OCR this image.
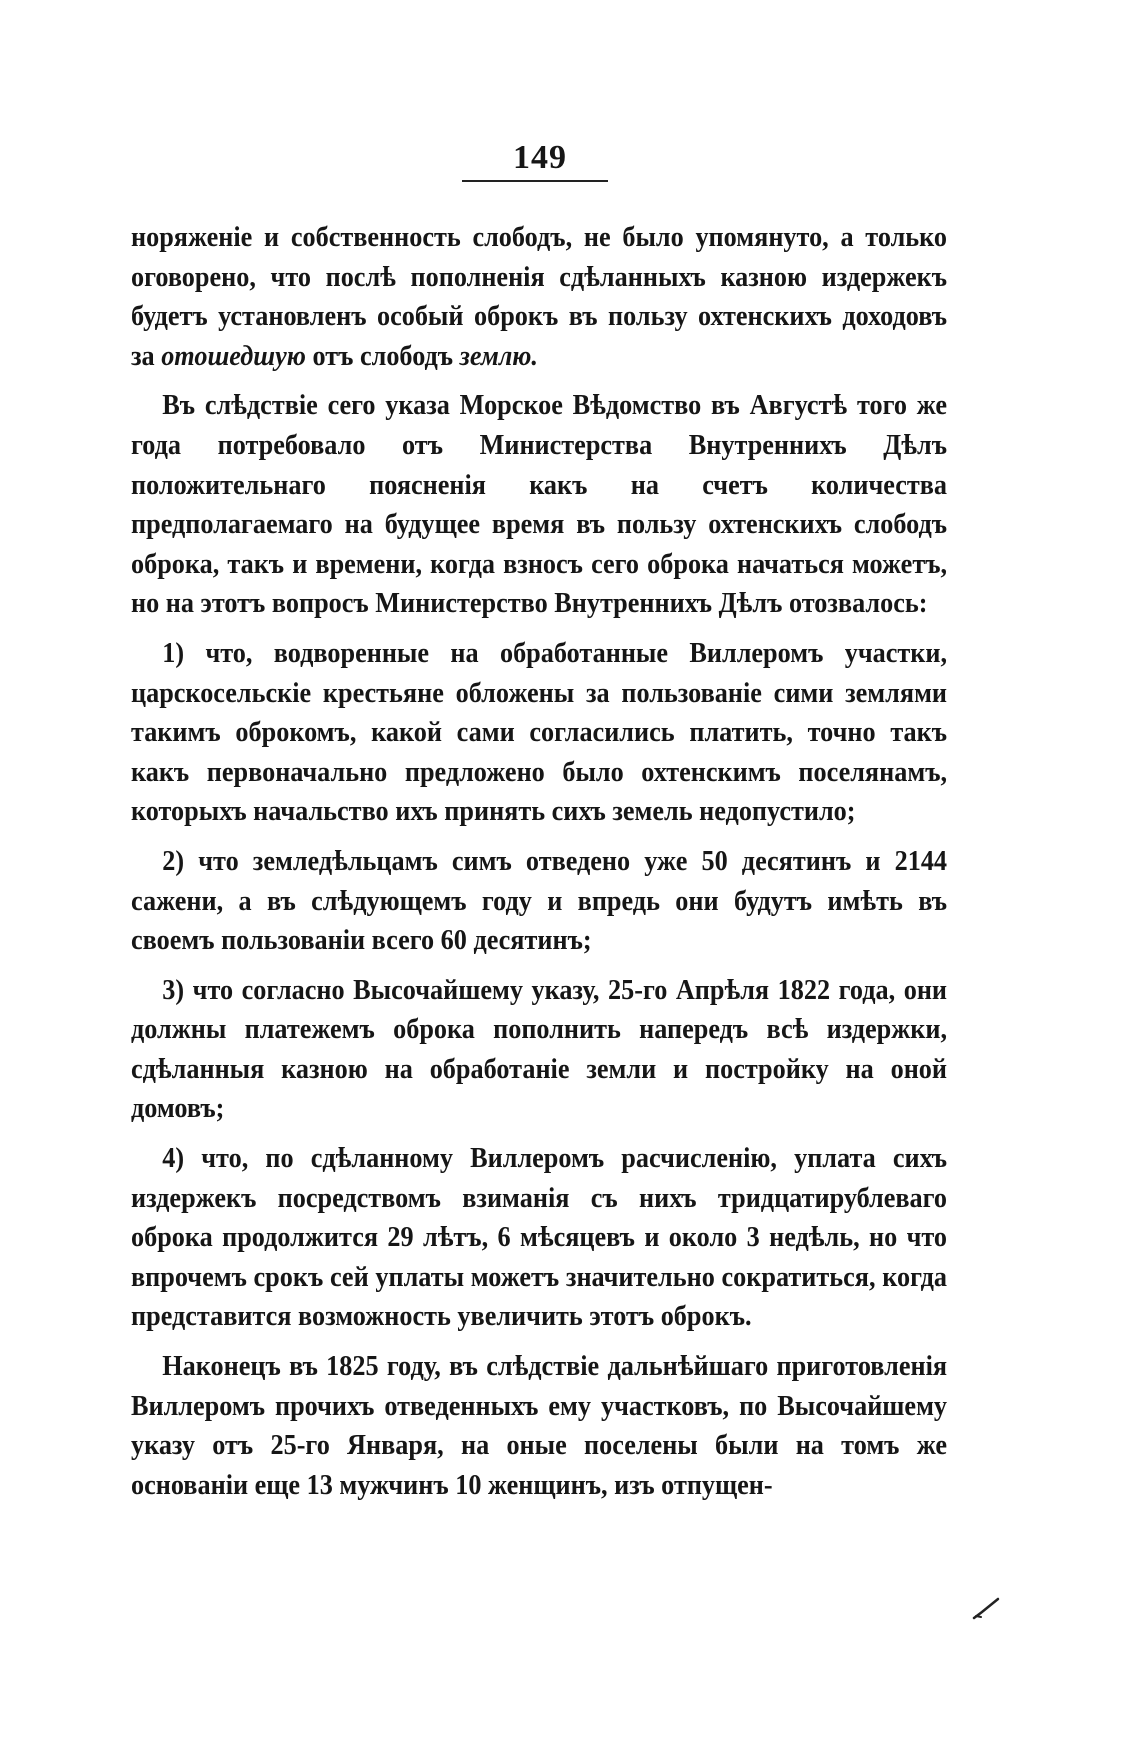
149

норяженіе и собственность слободъ, не было упомянуто, а только оговорено, что послѣ пополненія сдѣланныхъ казною издержекъ будетъ установленъ особый оброкъ въ пользу охтенскихъ доходовъ за отошедшую отъ слободъ землю.

Въ слѣдствіе сего указа Морское Вѣдомство въ Августѣ того же года потребовало отъ Министерства Внутреннихъ Дѣлъ положительнаго поясненія какъ на счетъ количества предполагаемаго на будущее время въ пользу охтенскихъ слободъ оброка, такъ и времени, когда взносъ сего оброка начаться можетъ, но на этотъ вопросъ Министерство Внутреннихъ Дѣлъ отозвалось:

1) что, водворенные на обработанные Виллеромъ участки, царскосельскіе крестьяне обложены за пользованіе сими землями такимъ оброкомъ, какой сами согласились платить, точно такъ какъ первоначально предложено было охтенскимъ поселянамъ, которыхъ начальство ихъ принять сихъ земель недопустило;

2) что земледѣльцамъ симъ отведено уже 50 десятинъ и 2144 сажени, а въ слѣдующемъ году и впредь они будутъ имѣть въ своемъ пользованіи всего 60 десятинъ;

3) что согласно Высочайшему указу, 25-го Апрѣля 1822 года, они должны платежемъ оброка пополнить напередъ всѣ издержки, сдѣланныя казною на обработаніе земли и постройку на оной домовъ;

4) что, по сдѣланному Виллеромъ расчисленію, уплата сихъ издержекъ посредствомъ взиманія съ нихъ тридцатирублеваго оброка продолжится 29 лѣтъ, 6 мѣсяцевъ и около 3 недѣль, но что впрочемъ срокъ сей уплаты можетъ значительно сократиться, когда представится возможность увеличить этотъ оброкъ.

Наконецъ въ 1825 году, въ слѣдствіе дальнѣйшаго приготовленія Виллеромъ прочихъ отведенныхъ ему участковъ, по Высочайшему указу отъ 25-го Января, на оные поселены были на томъ же основаніи еще 13 мужчинъ 10 женщинъ, изъ отпущен-
